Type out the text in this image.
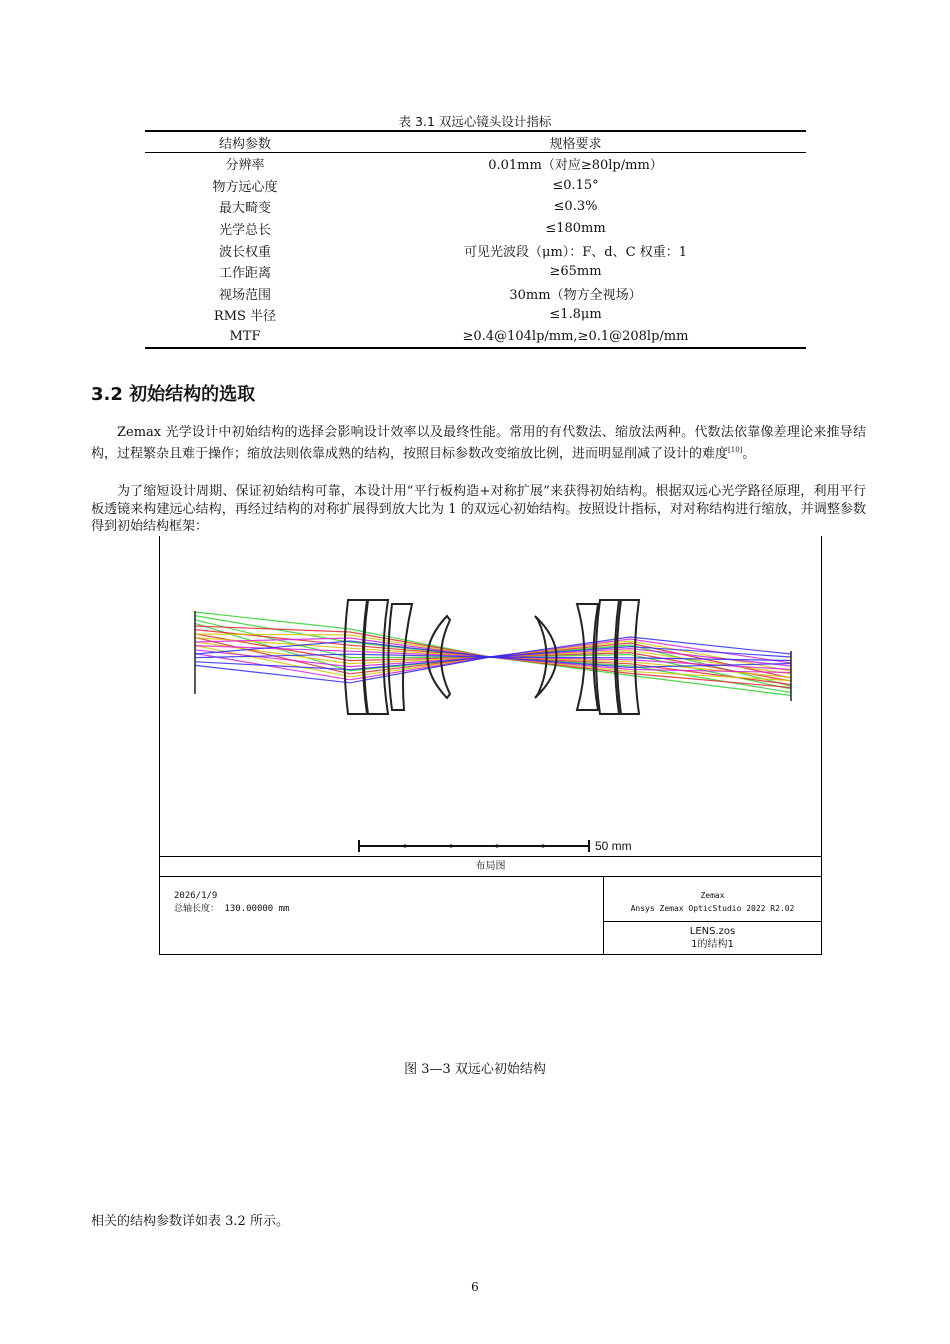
表 3.1 双远心镜头设计指标
结构参数	规格要求
分辨率	0.01mm（对应≥80lp/mm）
物方远心度	≤0.15°
最大畸变	≤0.3%
光学总长	≤180mm
波长权重	可见光波段（μm）：F、d、C 权重：1
工作距离	≥65mm
视场范围	30mm（物方全视场）
RMS 半径	≤1.8μm
MTF	≥0.4@104lp/mm,≥0.1@208lp/mm
3.2 初始结构的选取

Zemax 光学设计中初始结构的选择会影响设计效率以及最终性能。常用的有代数法、缩放法两种。代数法依靠像差理论来推导结构，过程繁杂且难于操作；缩放法则依靠成熟的结构，按照目标参数改变缩放比例，进而明显削减了设计的难度[10]。

为了缩短设计周期、保证初始结构可靠，本设计用“平行板构造+对称扩展”来获得初始结构。根据双远心光学路径原理，利用平行板透镜来构建远心结构，再经过结构的对称扩展得到放大比为 1 的双远心初始结构。按照设计指标，对对称结构进行缩放，并调整参数得到初始结构框架：

50 mm
布局图
2026/1/9
总轴长度： 130.00000 mm
Zemax
Ansys Zemax OpticStudio 2022 R2.02
LENS.zos
1的结构1
图 3—3 双远心初始结构
相关的结构参数详如表 3.2 所示。
6
